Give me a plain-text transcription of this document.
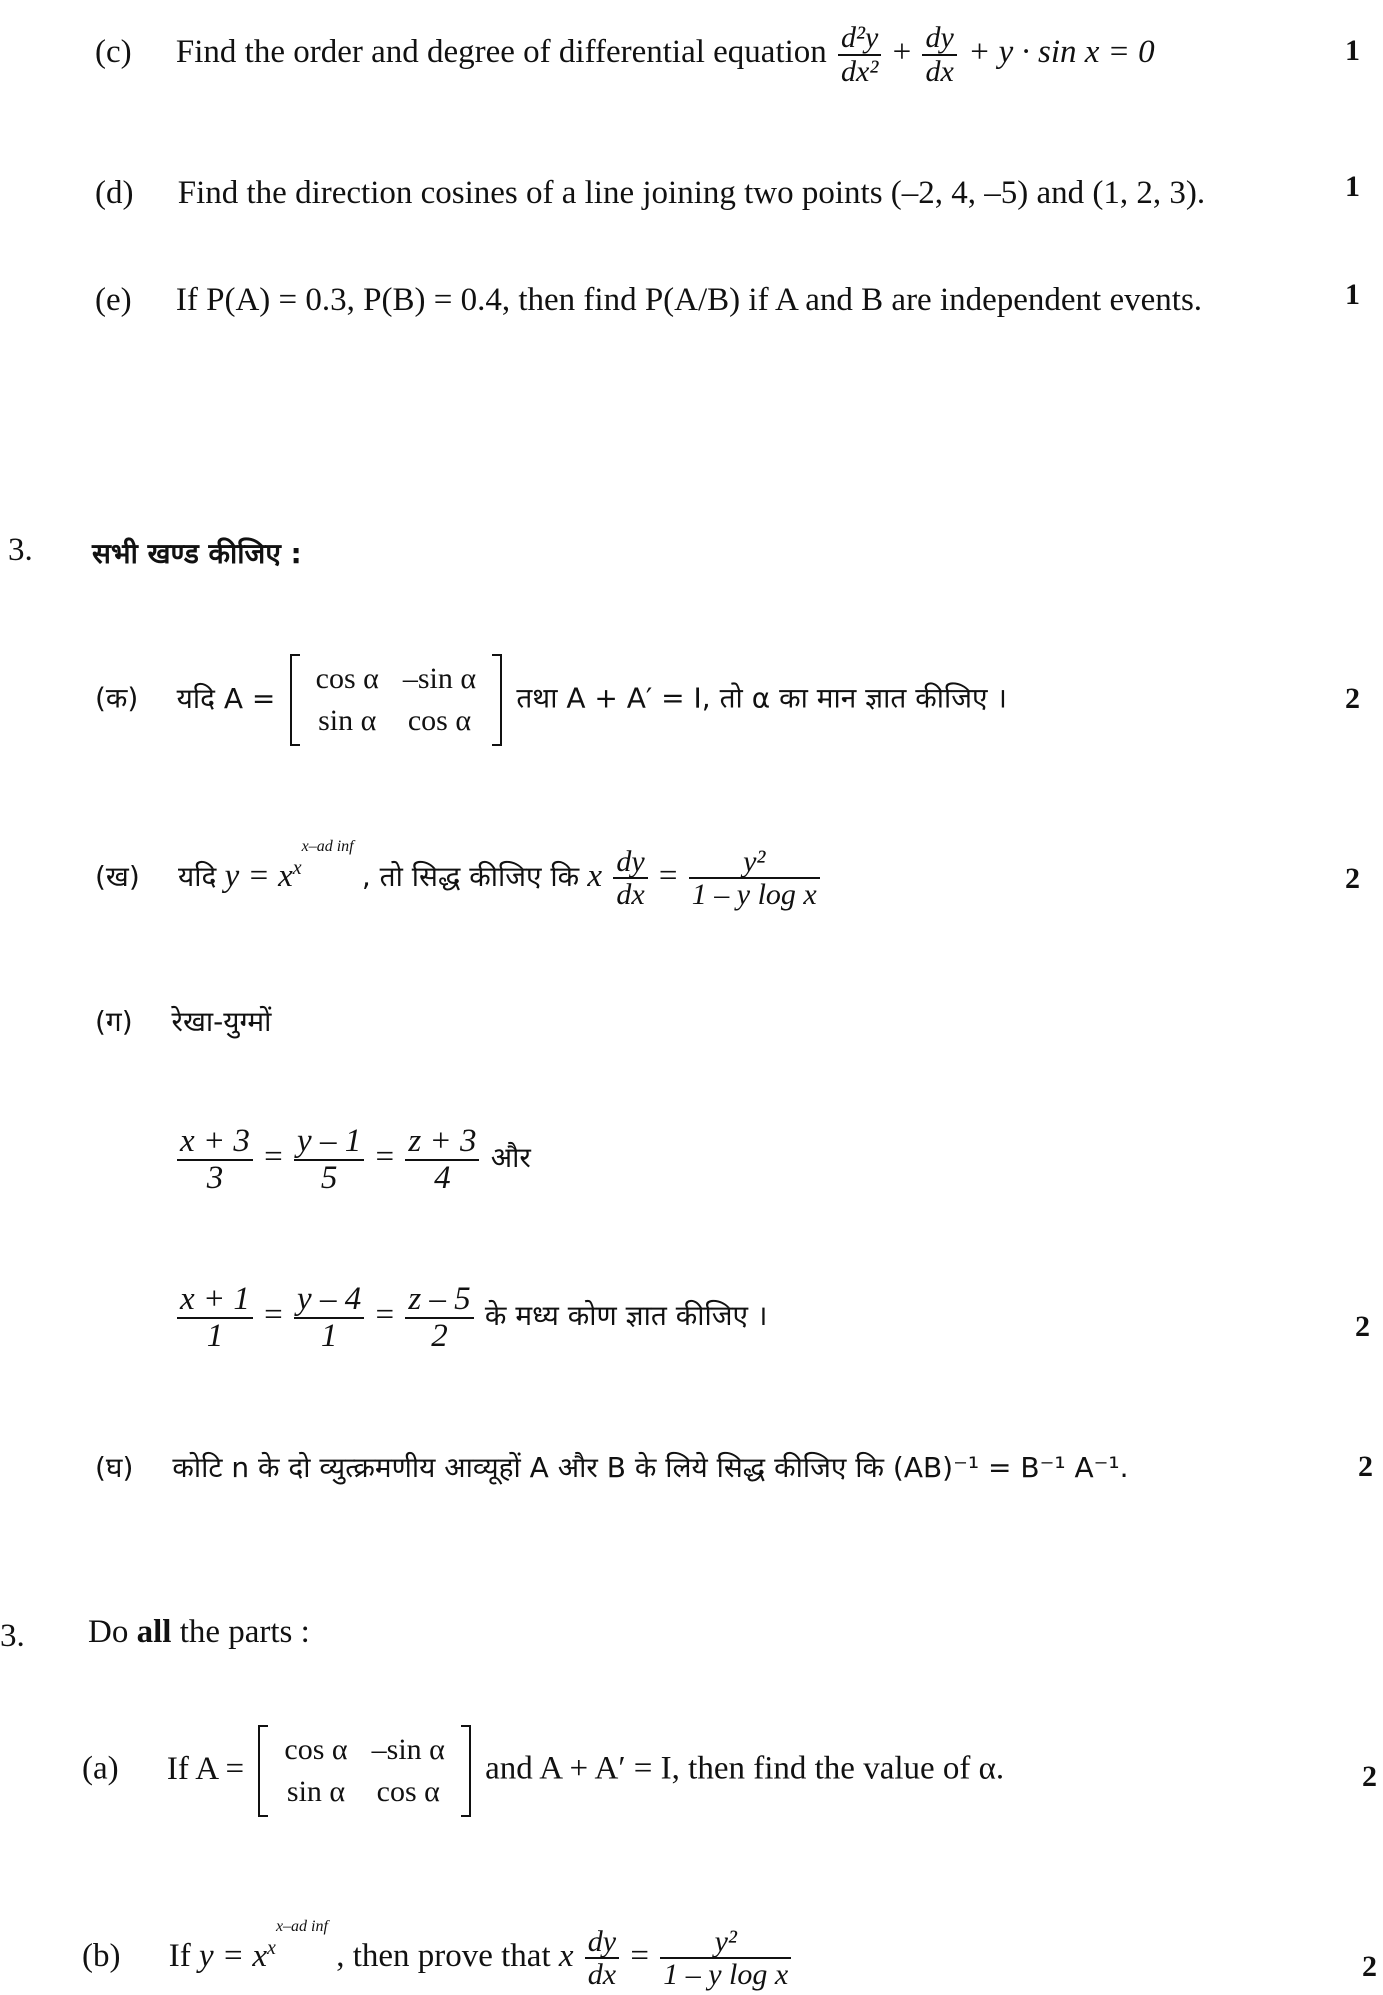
(c) Find the order and degree of differential equation $\frac{\text{d²y}}{\text{dx²}} + \frac{dy}{dx} + y \cdot \sin x = 0$	1
(d) Find the direction cosines of a line joining two points (–2, 4, –5) and (1, 2, 3).	1
(e) If P(A) = 0.3, P(B) = 0.4, then find P(A/B) if A and B are independent events.	1
3. सभी खण्ड कीजिए :
(क) यदि A =
cos α	–sin α
sin α	cos α
तथा A + A′ = I, तो α का मान ज्ञात कीजिए ।	2
(ख) यदि $y = x^{xx-ad inf}$ , तो सिद्ध कीजिए कि x $\frac{dy}{dx} = \frac{\text{y²}}{\text{1 – y log x}}$	2
(ग) रेखा-युग्मों
$\frac{x + 3}{3} = \frac{y - 1}{5} = \frac{z + 3}{4}$ और
$\frac{x + 1}{1} = \frac{y - 4}{1} = \frac{z - 5}{2}$ के मध्य कोण ज्ञात कीजिए ।	2
(घ) कोटि n के दो व्युत्क्रमणीय आव्यूहों A और B के लिये सिद्ध कीजिए कि (AB)⁻¹ = B⁻¹ A⁻¹.	2
3. Do all the parts :
(a) If A =
cos α	–sin α
sin α	cos α
and A + A′ = I, then find the value of α.	2
(b) If $y = x^{xx-ad inf}$ , then prove that x $\frac{dy}{dx} = \frac{\text{y²}}{\text{1 – y log x}}$	2
